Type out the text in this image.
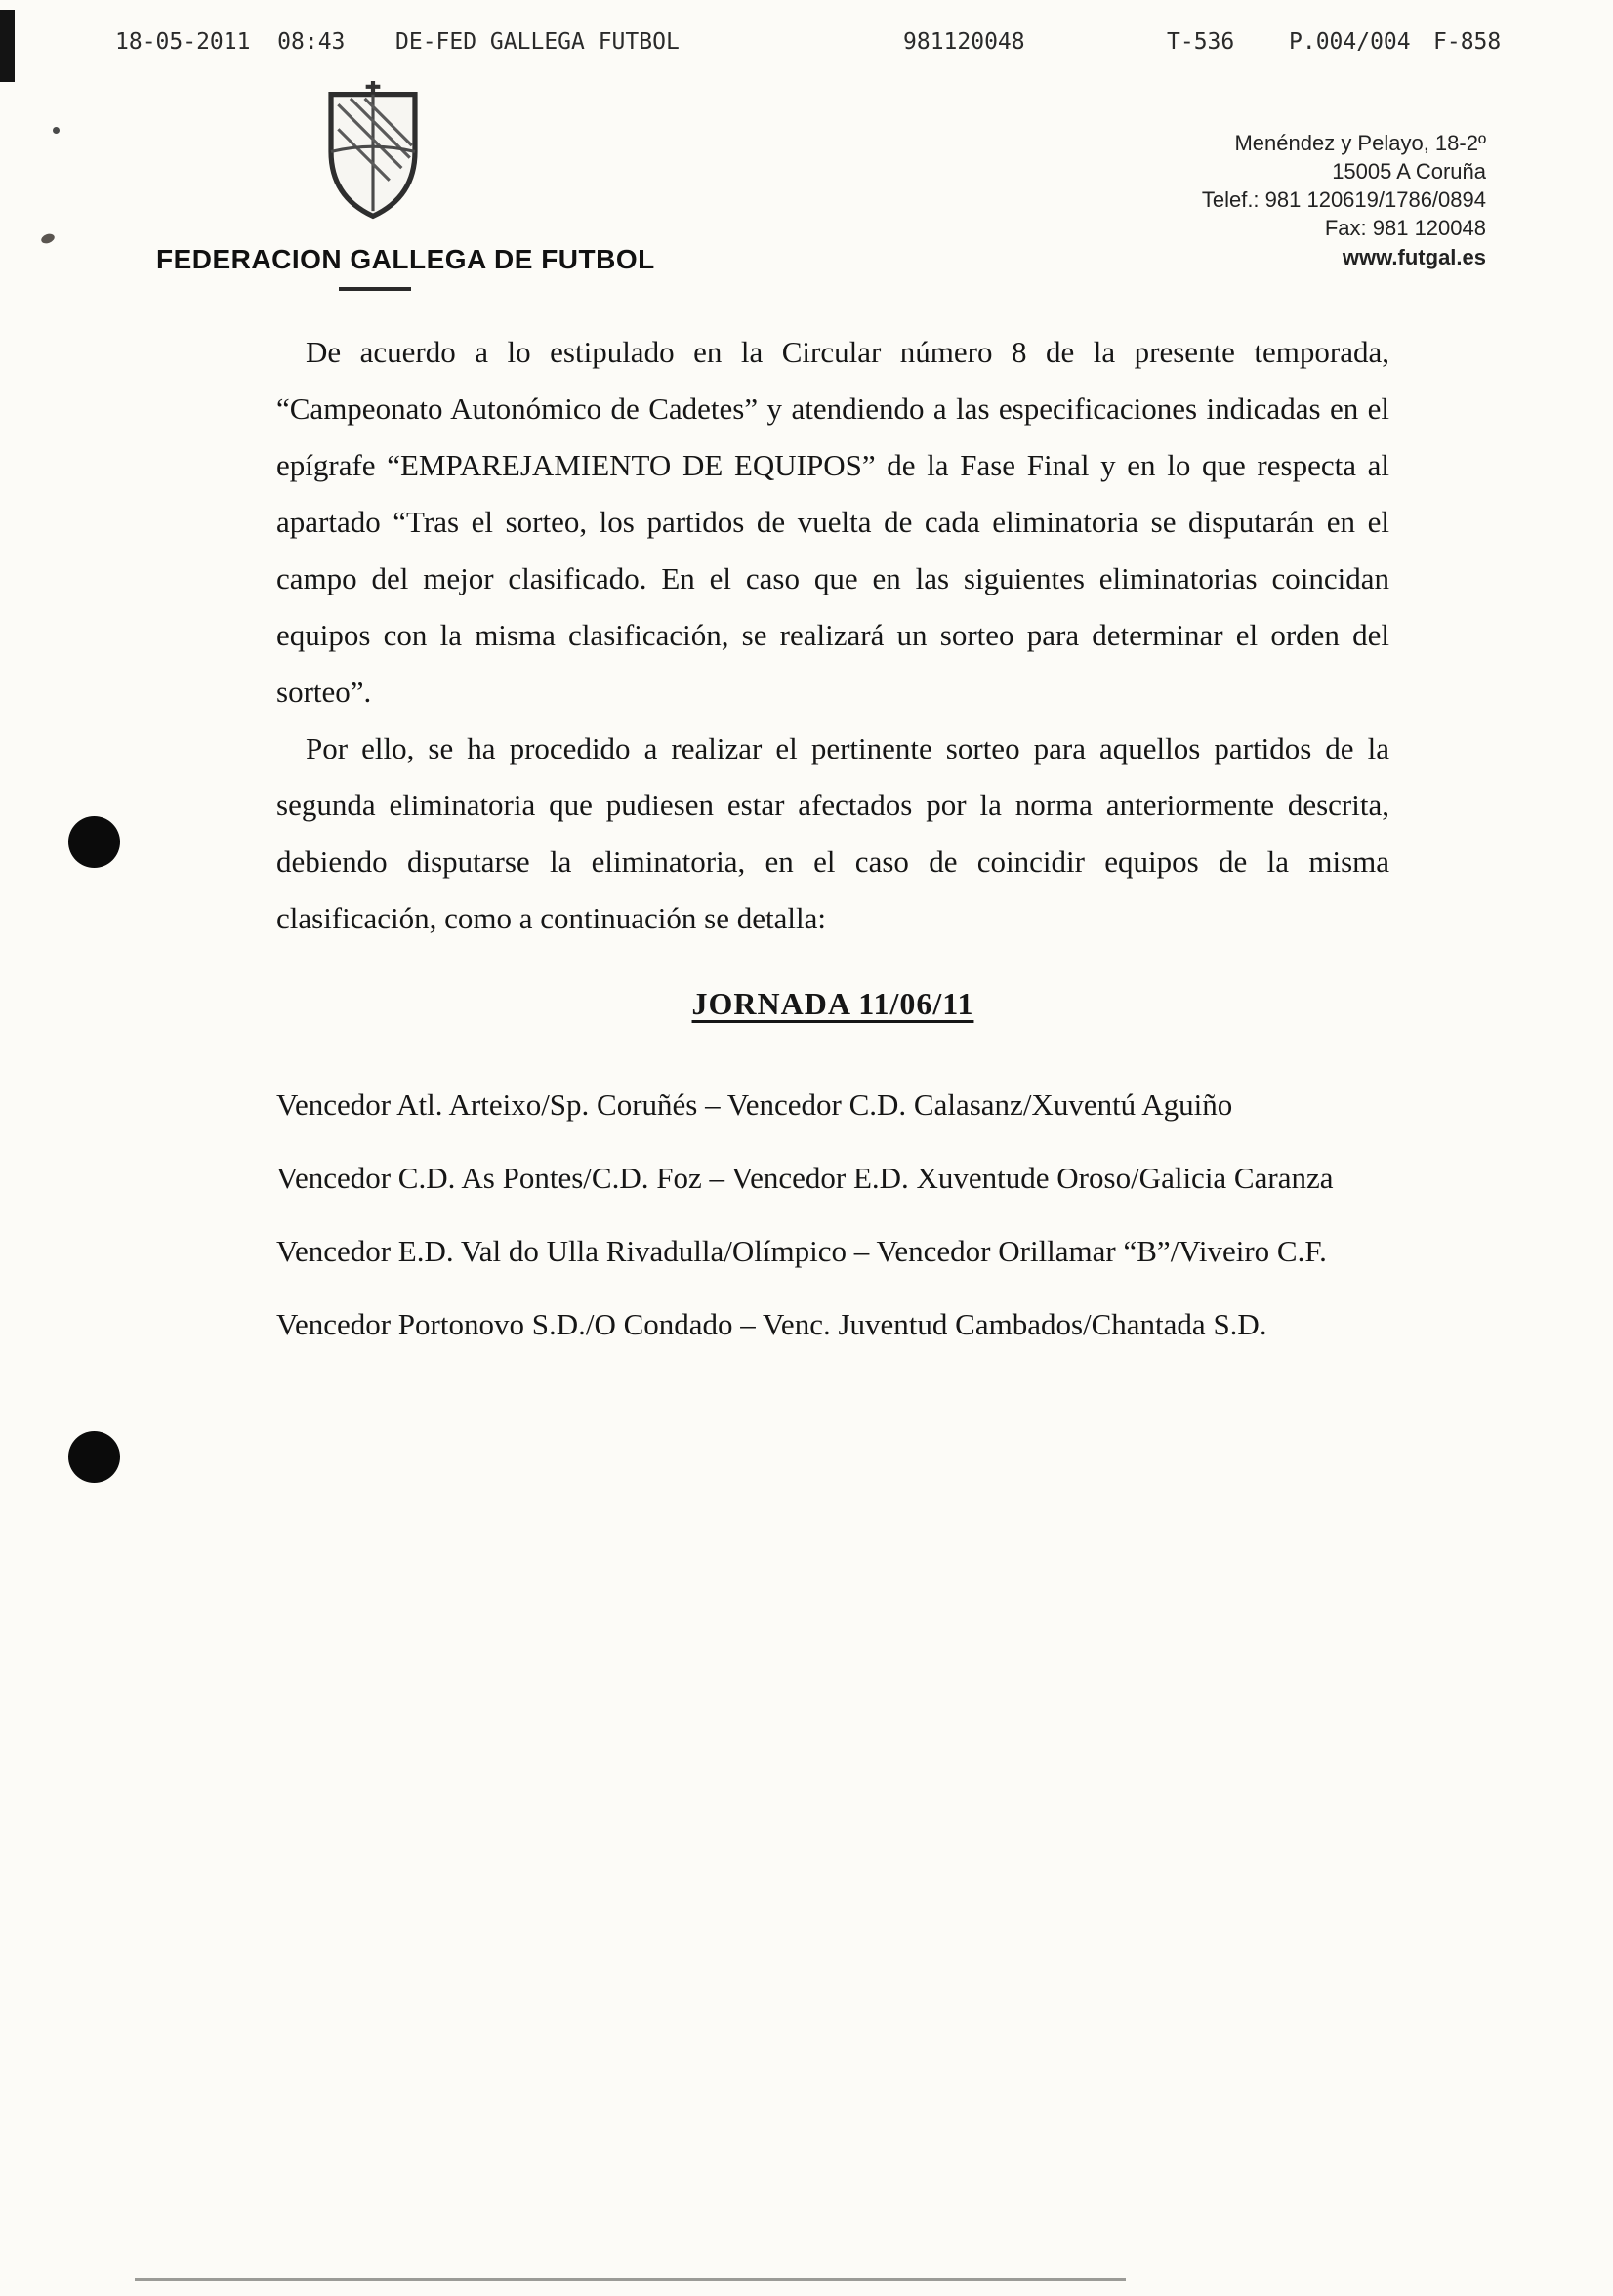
18-05-2011  08:43

DE-FED GALLEGA FUTBOL

	981120048

	T-536

P.004/004

F-858

Menéndez y Pelayo, 18-2º
15005 A Coruña
Telef.: 981 120619/1786/0894
Fax: 981 120048
www.futgal.es
FEDERACION GALLEGA DE FUTBOL

De acuerdo a lo estipulado en la Circular número 8 de la presente temporada, “Campeonato Autonómico de Cadetes” y atendiendo a las especificaciones indicadas en el epígrafe “EMPAREJAMIENTO DE EQUIPOS” de la Fase Final y en lo que respecta al apartado “Tras el sorteo, los partidos de vuelta de cada eliminatoria se disputarán en el campo del mejor clasificado. En el caso que en las siguientes eliminatorias coincidan equipos con la misma clasificación, se realizará un sorteo para determinar el orden del sorteo”.

Por ello, se ha procedido a realizar el pertinente sorteo para aquellos partidos de la segunda eliminatoria que pudiesen estar afectados por la norma anteriormente descrita, debiendo disputarse la eliminatoria, en el caso de coincidir equipos de la misma clasificación, como a continuación se detalla:

JORNADA 11/06/11
Vencedor Atl. Arteixo/Sp. Coruñés – Vencedor C.D. Calasanz/Xuventú Aguiño
Vencedor C.D. As Pontes/C.D. Foz – Vencedor E.D. Xuventude Oroso/Galicia Caranza
Vencedor E.D. Val do Ulla Rivadulla/Olímpico – Vencedor Orillamar “B”/Viveiro C.F.
Vencedor Portonovo S.D./O Condado – Venc. Juventud Cambados/Chantada S.D.
